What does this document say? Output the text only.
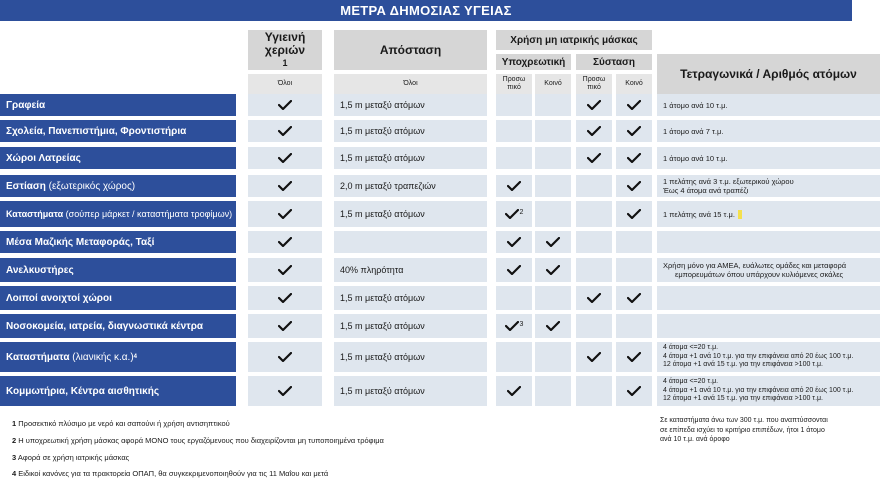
ΜΕΤΡΑ ΔΗΜΟΣΙΑΣ ΥΓΕΙΑΣ
Υγιεινή χεριών
1
Απόσταση
Χρήση μη ιατρικής μάσκας
Υποχρεωτική	Σύσταση
Τετραγωνικά / Αριθμός ατόμων
Όλοι	Όλοι
Προσω πικό
Κοινό
Προσω πικό
Κοινό
2
3
Γραφεία
Σχολεία, Πανεπιστήμια, Φροντιστήρια
Χώροι Λατρείας
Εστίαση
(εξωτερικός χώρος)
Καταστήματα (σούπερ μάρκετ / καταστήματα τροφίμων)
Μέσα Μαζικής Μεταφοράς, Ταξί
Ανελκυστήρες
Λοιποί ανοιχτοί χώροι
Νοσοκομεία, ιατρεία, διαγνωστικά κέντρα
Καταστήματα
(λιανικής κ.α.) 4
Κομμωτήρια, Κέντρα αισθητικής
1,5 m μεταξύ ατόμων
1,5 m μεταξύ ατόμων
1,5 m μεταξύ ατόμων
2,0 m μεταξύ τραπεζιών
1,5 m μεταξύ ατόμων
40% πληρότητα
1,5 m μεταξύ ατόμων
1,5 m μεταξύ ατόμων
1,5 m μεταξύ ατόμων
1,5 m μεταξύ ατόμων
1 άτομο ανά 10 τ.μ.
1 άτομο ανά 7 τ.μ.
1 άτομο ανά 10 τ.μ.
1 πελάτης ανά 3 τ.μ. εξωτερικού χώρου
Έως 4 άτομα ανά τραπέζι
1 πελάτης ανά 15 τ.μ.
Χρήση μόνο για ΑΜΕΑ, ευάλωτες ομάδες και μεταφορά
εμπορευμάτων όπου υπάρχουν κυλιόμενες σκάλες
4 άτομα <=20 τ.μ.
4 άτομα +1 ανά 10 τ.μ. για την επιφάνεια από 20 έως 100 τ.μ.
12 άτομα +1 ανά 15 τ.μ. για την επιφάνεια >100 τ.μ.
4 άτομα <=20 τ.μ.
4 άτομα +1 ανά 10 τ.μ. για την επιφάνεια από 20 έως 100 τ.μ.
12 άτομα +1 ανά 15 τ.μ. για την επιφάνεια >100 τ.μ.
Σε καταστήματα άνω των 300 τ.μ. που αναπτύσσονται
σε επίπεδα ισχύει το κριτήριο επιπέδων, ήτοι 1 άτομο
ανά 10 τ.μ. ανά όροφο
1 Προσεκτικό πλύσιμο με νερό και σαπούνι ή χρήση αντισηπτικού
2 Η υποχρεωτική χρήση μάσκας αφορά ΜΟΝΟ τους εργαζόμενους που διαχειρίζονται μη τυποποιημένα τρόφιμα
3 Αφορά σε χρήση ιατρικής μάσκας
4 Ειδικοί κανόνες για τα πρακτορεία ΟΠΑΠ, θα συγκεκριμενοποιηθούν για τις 11 Μαΐου και μετά
